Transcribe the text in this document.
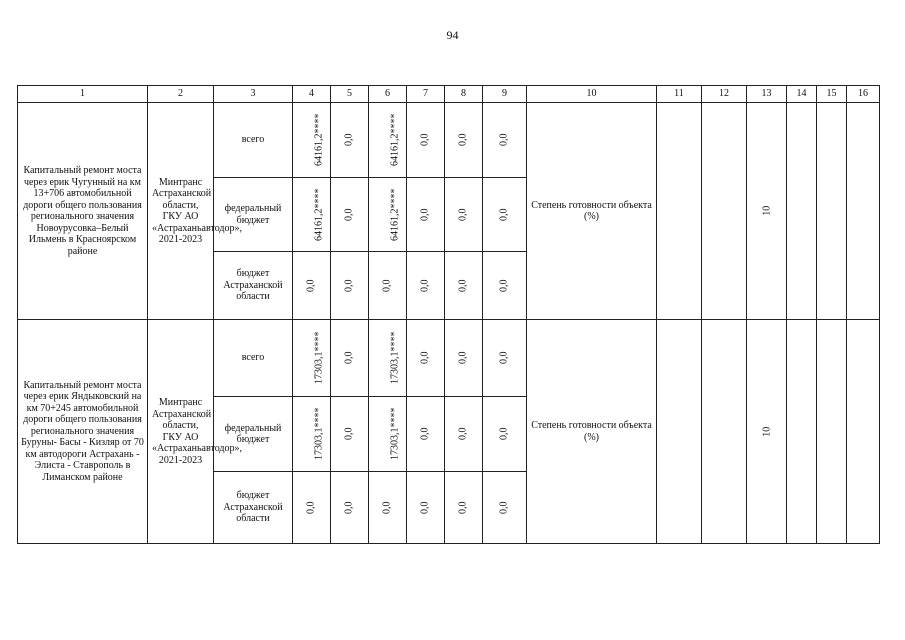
94
1	2	3	4	5	6	7	8	9	10	11	12	13	14	15	16

Капитальный ремонт моста через ерик Чугунный на км 13+706 автомобильной дороги общего пользования регионального значения Новоурусовка–Белый Ильмень в Красноярском районе	Минтранс Астраханской области, ГКУ АО «Астраханьавтодор», 2021-2023	всего	64161,2****	0,0	64161,2****	0,0	0,0	0,0	Степень готовности объекта (%)			10			

		федеральный бюджет	64161,2****	0,0	64161,2****	0,0	0,0	0,0							

		бюджет Астраханской области	0,0	0,0	0,0	0,0	0,0	0,0							

Капитальный ремонт моста через ерик Яндыковский на км 70+245 автомобильной дороги общего пользования регионального значения Буруны- Басы - Кизляр от 70 км автодороги Астрахань - Элиста - Ставрополь в Лиманском районе	Минтранс Астраханской области, ГКУ АО «Астраханьавтодор», 2021-2023	всего	17303,1****	0,0	17303,1****	0,0	0,0	0,0	Степень готовности объекта (%)			10			

		федеральный бюджет	17303,1****	0,0	17303,1****	0,0	0,0	0,0							

		бюджет Астраханской области	0,0	0,0	0,0	0,0	0,0	0,0							
